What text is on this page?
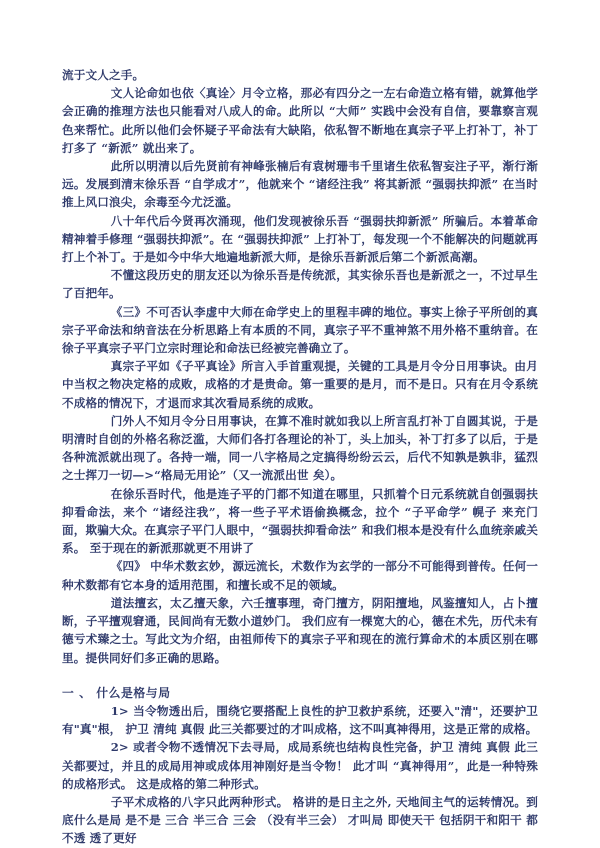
流于文人之手。

文人论命如也依〈真诠〉月令立格，那必有四分之一左右命造立格有错，就算他学会正确的推理方法也只能看对八成人的命。此所以 “大师” 实践中会没有自信，要靠察言观色来帮忙。此所以他们会怀疑子平命法有大缺陷，依私智不断地在真宗子平上打补丁，补丁打多了 “新派” 就出来了。

此所以明清以后先贤前有神峰张楠后有袁树珊韦千里诸生依私智妄注子平，渐行渐远。发展到清末徐乐吾 “自学成才”，他就来个 “诸经注我” 将其新派 “强弱扶抑派” 在当时推上风口浪尖，余毒至今尤泛滥。

八十年代后今贤再次涌现，他们发现被徐乐吾 “强弱扶抑新派” 所骗后。本着革命精神着手修理 “强弱扶抑派”。在 “强弱扶抑派” 上打补丁，每发现一个不能解决的问题就再打上个补丁。于是如今中华大地遍地新派大师，是徐乐吾新派后第二个新派高潮。

不懂这段历史的朋友还以为徐乐吾是传统派，其实徐乐吾也是新派之一，不过早生了百把年。

《三》不可否认李虚中大师在命学史上的里程丰碑的地位。事实上徐子平所创的真宗子平命法和纳音法在分析思路上有本质的不同，真宗子平不重神煞不用外格不重纳音。在徐子平真宗子平门立宗时理论和命法已经被完善确立了。

真宗子平如《子平真诠》所言入手首重观提，关键的工具是月令分日用事诀。由月中当权之物决定格的成败，成格的才是贵命。第一重要的是月，而不是日。只有在月令系统不成格的情况下，才退而求其次看局系统的成败。

门外人不知月令分日用事诀，在算不准时就如我以上所言乱打补丁自圆其说，于是明清时自创的外格名称泛滥，大师们各打各理论的补丁，头上加头，补丁打多了以后，于是各种流派就出现了。各持一端，同一八字格局之定搞得纷纷云云，后代不知孰是孰非，猛烈之士挥刀一切—>“格局无用论”（又一流派出世 矣）。

在徐乐吾时代，他是连子平的门都不知道在哪里，只抓着个日元系统就自创强弱扶抑看命法，来个 “诸经注我”，将一些子平术语偷换概念，拉个 “子平命学” 幌子 来充门面，欺骗大众。在真宗子平门人眼中，“强弱扶抑看命法” 和我们根本是没有什么血统亲戚关系。 至于现在的新派那就更不用讲了

《四》 中华术数玄妙，源远流长，术数作为玄学的一部分不可能得到普传。任何一种术数都有它本身的适用范围，和擅长或不足的领域。

道法擅玄，太乙擅天象，六壬擅事理，奇门擅方，阴阳擅地，风鉴擅知人，占卜擅断，子平擅观窘通，民间尚有无数小道妙门。 我们应有一棵宽大的心，德在术先，历代未有德亏术臻之士。写此文为介绍，由祖师传下的真宗子平和现在的流行算命术的本质区别在哪里。提供同好们多正确的思路。

一 、 什么是格与局

1> 当令物透出后，围绕它要搭配上良性的护卫救护系统，还要入"清"，还要护卫有"真"根， 护卫 清纯 真假 此三关都要过的才叫成格，这不叫真神得用，这是正常的成格。

2> 或者令物不透情况下去寻局，成局系统也结构良性完备，护卫 清纯 真假 此三关都要过，并且的成局用神或成体用神刚好是当令物！ 此才叫 “真神得用”，此是一种特殊的成格形式。 这是成格的第二种形式。

子平术成格的八字只此两种形式。 格讲的是日主之外, 天地间主气的运转情况。到底什么是局 是不是 三合 半三合 三会 （没有半三会） 才叫局 即使天干 包括阴干和阳干 都不透 透了更好
